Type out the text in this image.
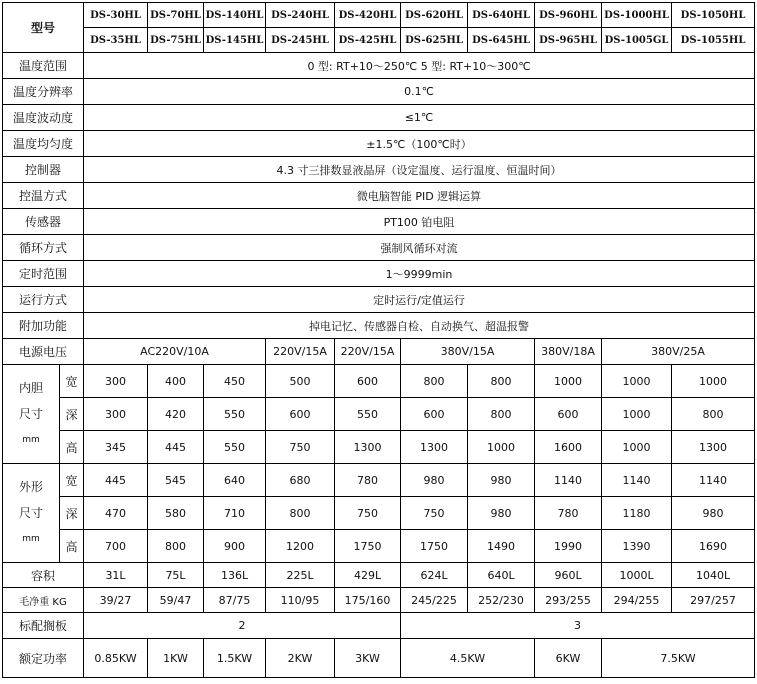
型号		DS-30HL	DS-70HL	DS-140HL	DS-240HL	DS-420HL	DS-620HL	DS-640HL	DS-960HL	DS-1000HL	DS-1050HL
		DS-35HL	DS-75HL	DS-145HL	DS-245HL	DS-425HL	DS-625HL	DS-645HL	DS-965HL	DS-1005GL	DS-1055HL
温度范围		0 型: RT+10～250℃ 5 型: RT+10～300℃									
温度分辨率		0.1℃									
温度波动度		≤1℃									
温度均匀度		±1.5℃（100℃时）									
控制器		4.3 寸三排数显液晶屏（设定温度、运行温度、恒温时间）									
控温方式		微电脑智能 PID 逻辑运算									
传感器		PT100 铂电阻									
循环方式		强制风循环对流									
定时范围		1～9999min									
运行方式		定时运行/定值运行									
附加功能		掉电记忆、传感器自检、自动换气、超温报警									
电源电压		AC220V/10A			220V/15A	220V/15A	380V/15A		380V/18A	380V/25A	

内胆
尺寸
mm	宽	300	400	450	500	600	800	800	1000	1000	1000
	深	300	420	550	600	550	600	800	600	1000	800
	高	345	445	550	750	1300	1300	1000	1600	1000	1300

外形
尺寸
mm	宽	445	545	640	680	780	980	980	1140	1140	1140
	深	470	580	710	800	750	750	980	780	1180	980
	高	700	800	900	1200	1750	1750	1490	1990	1390	1690
容积		31L	75L	136L	225L	429L	624L	640L	960L	1000L	1040L
毛净重 KG		39/27	59/47	87/75	110/95	175/160	245/225	252/230	293/255	294/255	297/257
标配搁板		2					3				
额定功率		0.85KW	1KW	1.5KW	2KW	3KW	4.5KW		6KW	7.5KW	
